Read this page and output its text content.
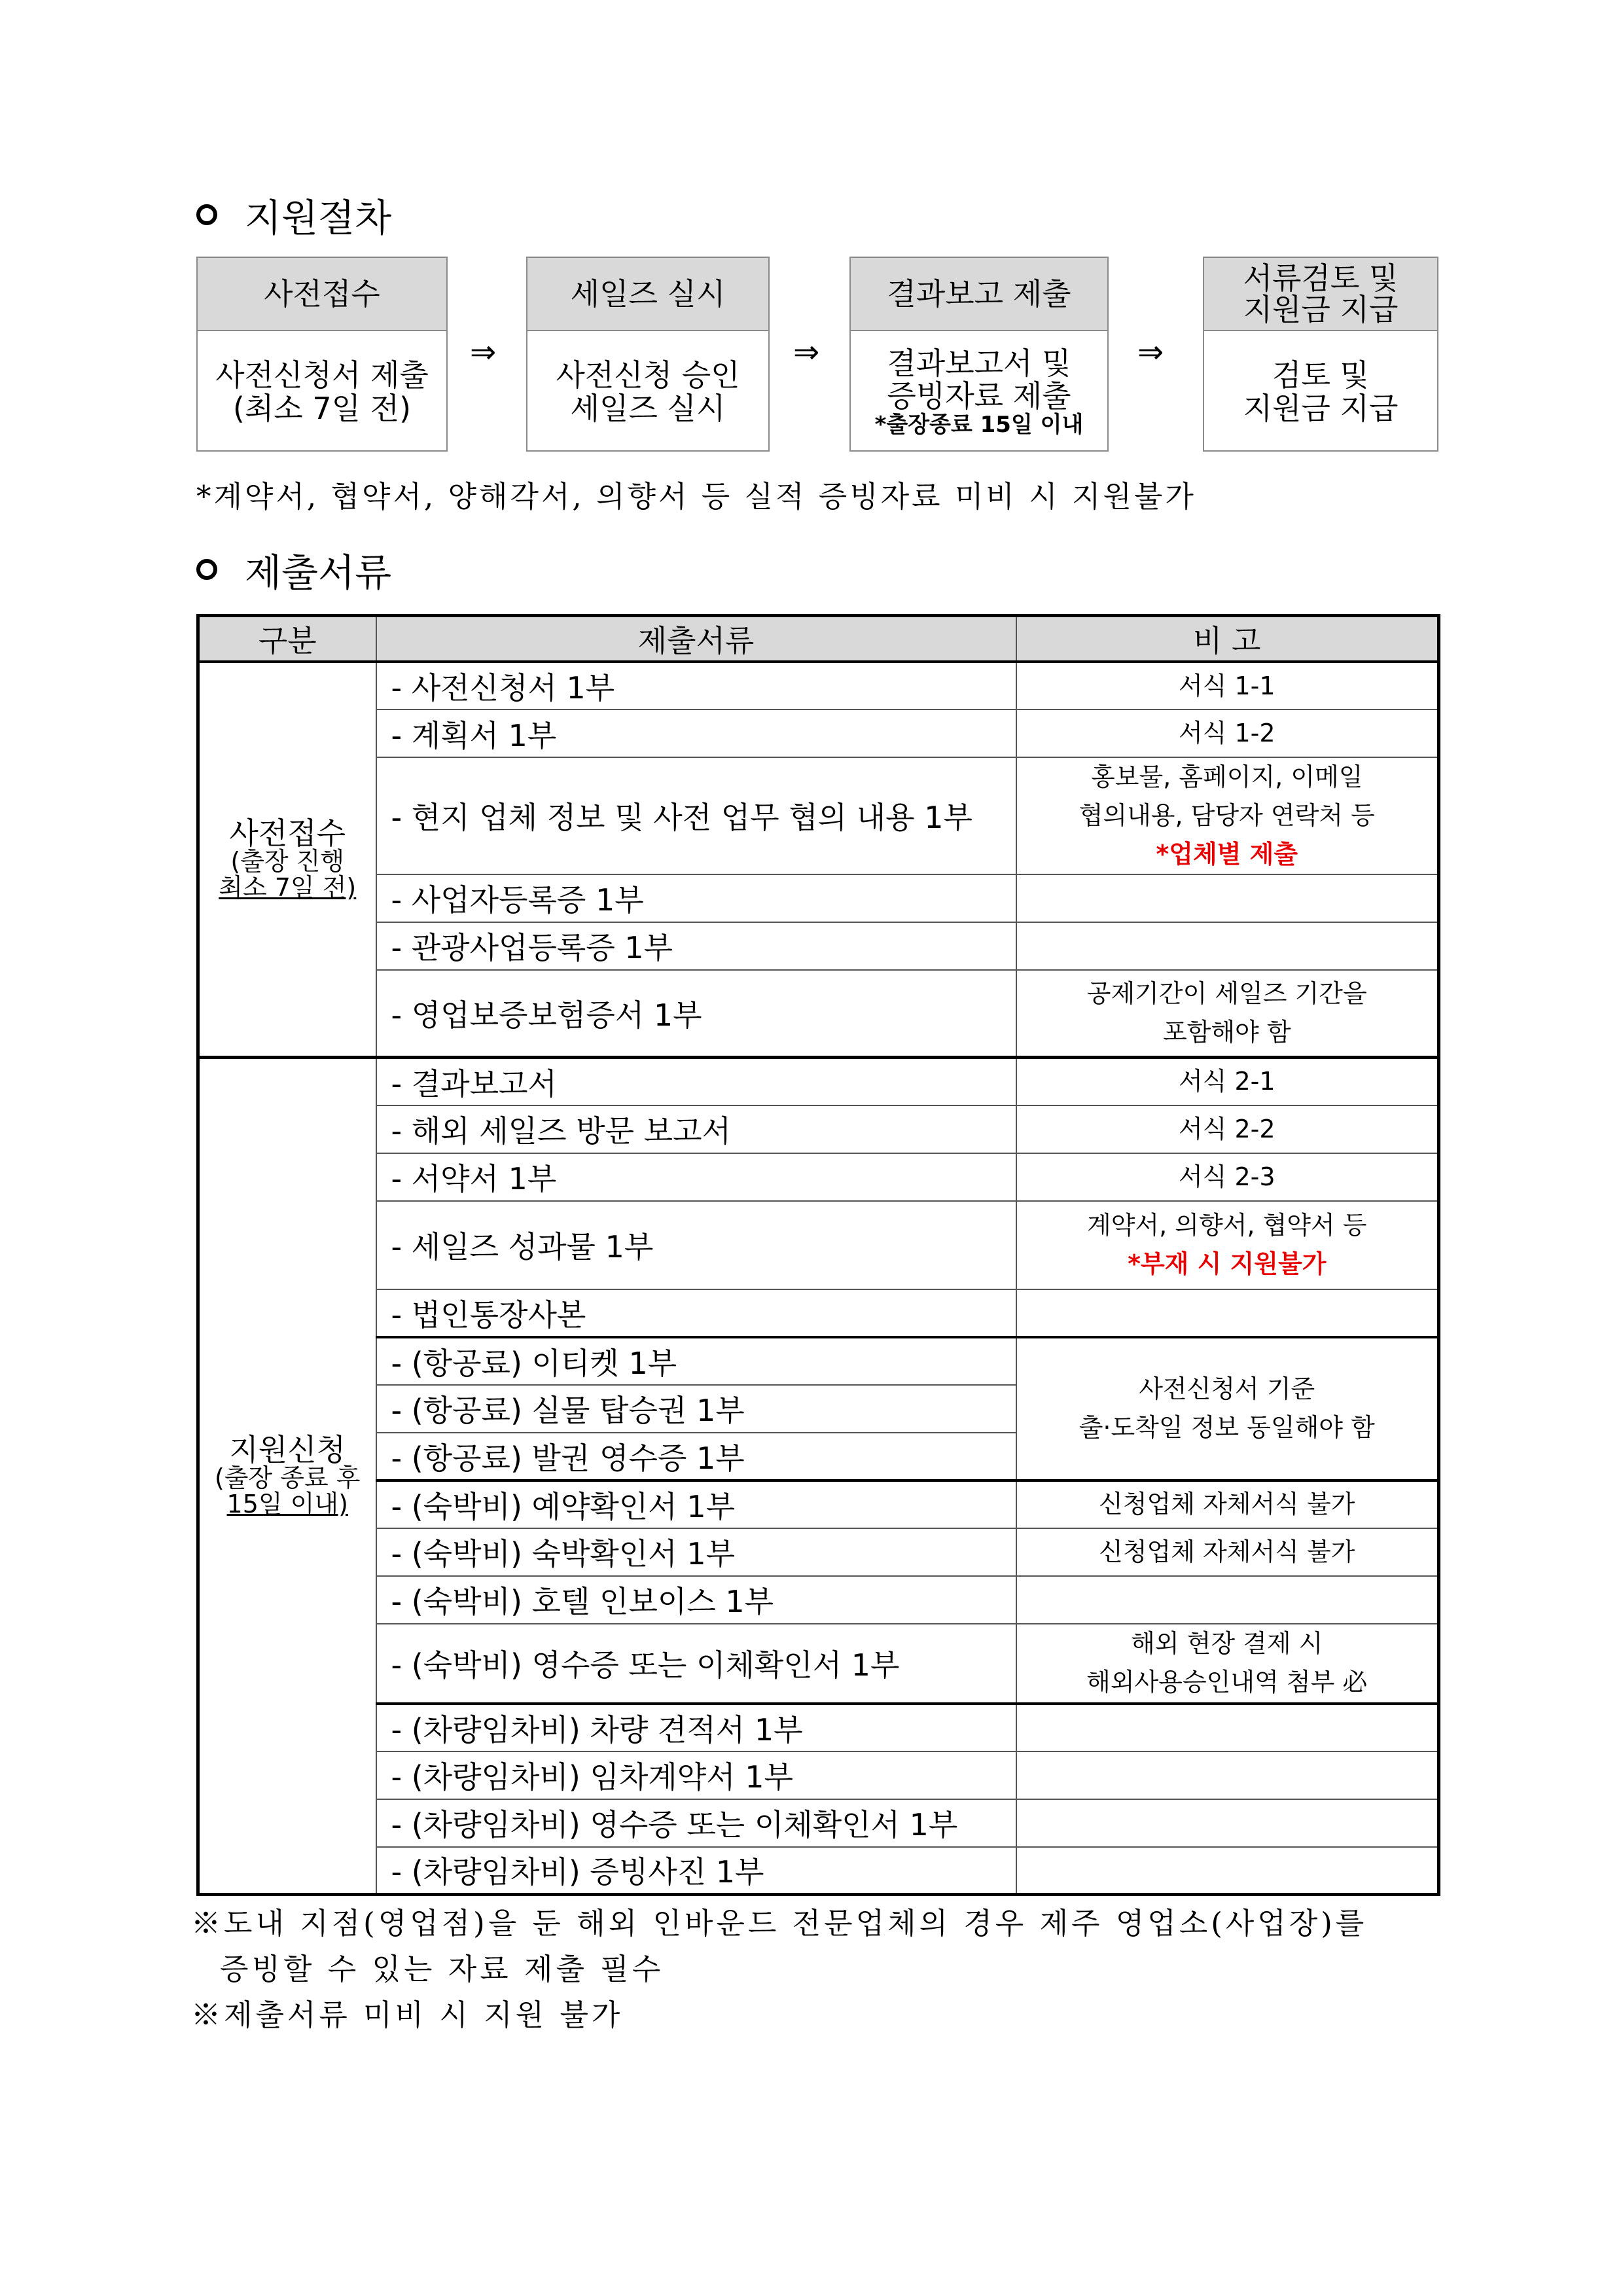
지원절차
사전접수
사전신청서 제출
(최소 7일 전)
⇒
세일즈 실시
사전신청 승인
세일즈 실시
⇒
결과보고 제출
결과보고서 및
증빙자료 제출
*출장종료 15일 이내
⇒
서류검토 및
지원금 지급
검토 및
지원금 지급
*계약서, 협약서, 양해각서, 의향서 등 실적 증빙자료 미비 시 지원불가
제출서류
구분	제출서류	비 고

사전접수
(출장 진행
최소 7일 전)	- 사전신청서 1부	서식 1-1
	- 계획서 1부	서식 1-2
	- 현지 업체 정보 및 사전 업무 협의 내용 1부	홍보물, 홈페이지, 이메일
협의내용, 담당자 연락처 등
*업체별 제출

	- 사업자등록증 1부	
	- 관광사업등록증 1부	
	- 영업보증보험증서 1부	공제기간이 세일즈 기간을
포함해야 함

지원신청
(출장 종료 후
15일 이내)	- 결과보고서	서식 2-1
	- 해외 세일즈 방문 보고서	서식 2-2
	- 서약서 1부	서식 2-3
	- 세일즈 성과물 1부	계약서, 의향서, 협약서 등
*부재 시 지원불가

	- 법인통장사본	
	- (항공료) 이티켓 1부	사전신청서 기준
출·도착일 정보 동일해야 함

	- (항공료) 실물 탑승권 1부	
	- (항공료) 발권 영수증 1부	
	- (숙박비) 예약확인서 1부	신청업체 자체서식 불가
	- (숙박비) 숙박확인서 1부	신청업체 자체서식 불가
	- (숙박비) 호텔 인보이스 1부	
	- (숙박비) 영수증 또는 이체확인서 1부	해외 현장 결제 시
해외사용승인내역 첨부 必

	- (차량임차비) 차량 견적서 1부	
	- (차량임차비) 임차계약서 1부	
	- (차량임차비) 영수증 또는 이체확인서 1부	
	- (차량임차비) 증빙사진 1부	
※도내 지점(영업점)을 둔 해외 인바운드 전문업체의 경우 제주 영업소(사업장)를
증빙할 수 있는 자료 제출 필수
※제출서류 미비 시 지원 불가
